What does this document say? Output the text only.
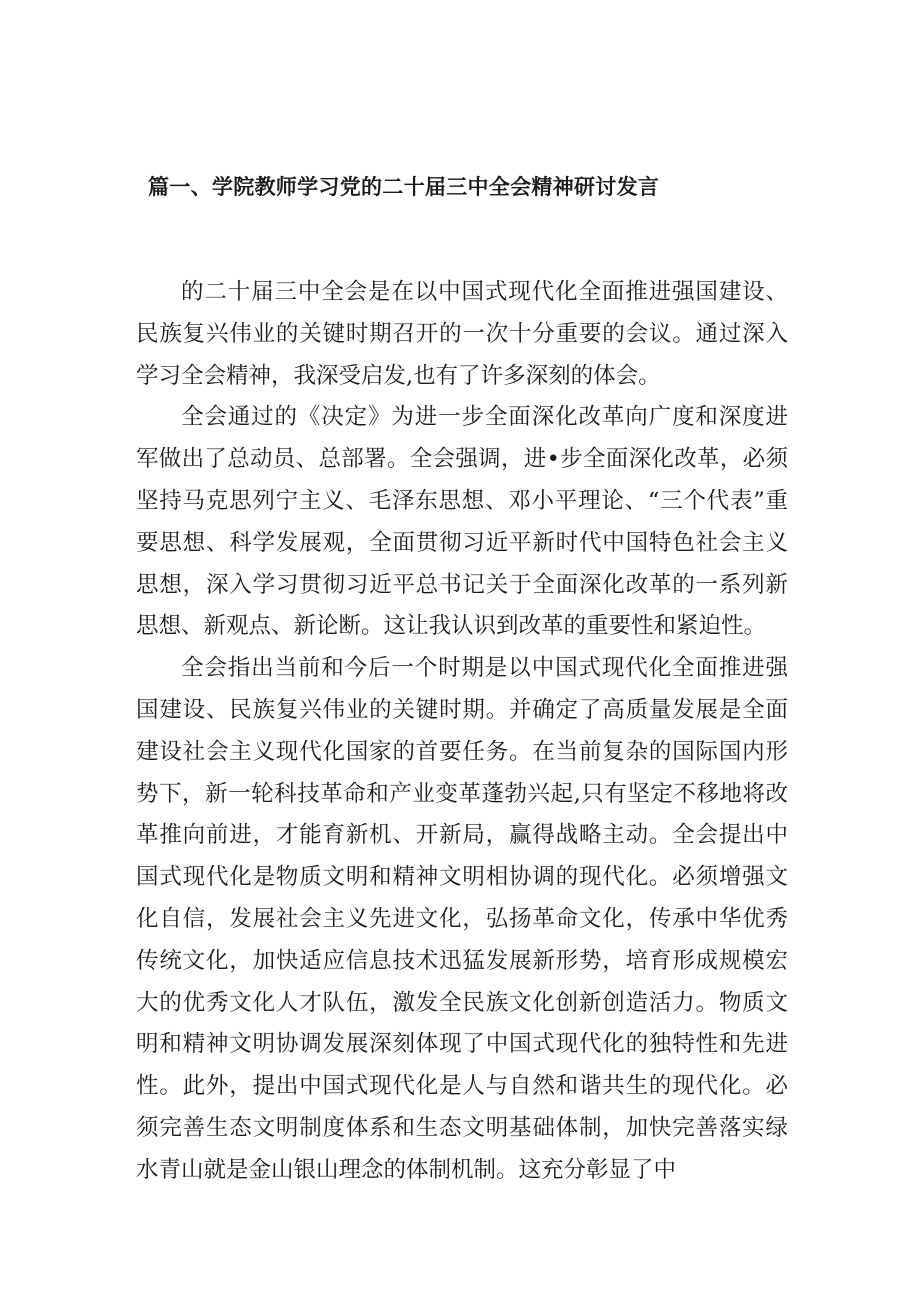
篇一、学院教师学习党的二十届三中全会精神研讨发言

的二十届三中全会是在以中国式现代化全面推进强国建设、民族复兴伟业的关键时期召开的一次十分重要的会议。通过深入学习全会精神，我深受启发,也有了许多深刻的体会。

全会通过的《决定》为进一步全面深化改革向广度和深度进军做出了总动员、总部署。全会强调，进•步全面深化改革，必须坚持马克思列宁主义、毛泽东思想、邓小平理论、“三个代表”重要思想、科学发展观，全面贯彻习近平新时代中国特色社会主义思想，深入学习贯彻习近平总书记关于全面深化改革的一系列新思想、新观点、新论断。这让我认识到改革的重要性和紧迫性。

全会指出当前和今后一个时期是以中国式现代化全面推进强国建设、民族复兴伟业的关键时期。并确定了高质量发展是全面建设社会主义现代化国家的首要任务。在当前复杂的国际国内形势下，新一轮科技革命和产业变革蓬勃兴起,只有坚定不移地将改革推向前进，才能育新机、开新局，赢得战略主动。全会提出中国式现代化是物质文明和精神文明相协调的现代化。必须增强文化自信，发展社会主义先进文化，弘扬革命文化，传承中华优秀传统文化，加快适应信息技术迅猛发展新形势，培育形成规模宏大的优秀文化人才队伍，激发全民族文化创新创造活力。物质文明和精神文明协调发展深刻体现了中国式现代化的独特性和先进性。此外，提出中国式现代化是人与自然和谐共生的现代化。必须完善生态文明制度体系和生态文明基础体制，加快完善落实绿水青山就是金山银山理念的体制机制。这充分彰显了中
